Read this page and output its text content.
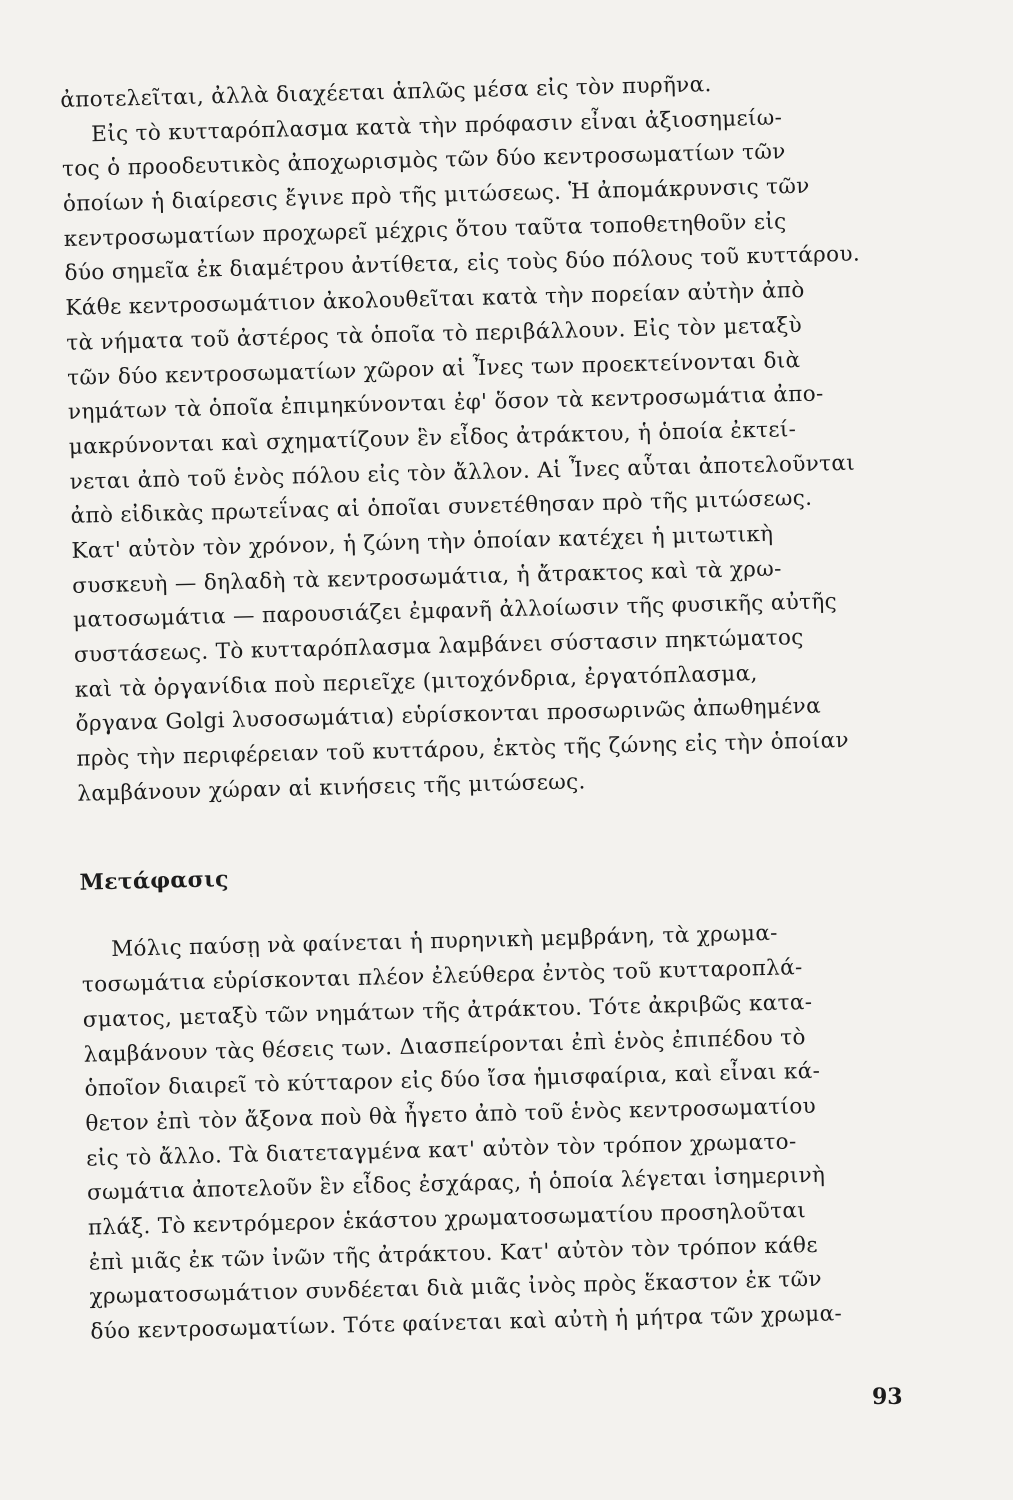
ἀποτελεῖται, ἀλλὰ διαχέεται ἁπλῶς μέσα εἰς τὸν πυρῆνα.
Εἰς τὸ κυτταρόπλασμα κατὰ τὴν πρόφασιν εἶναι ἀξιοσημείω-
τος ὁ προοδευτικὸς ἀποχωρισμὸς τῶν δύο κεντροσωματίων τῶν
ὁποίων ἡ διαίρεσις ἔγινε πρὸ τῆς μιτώσεως. Ἡ ἀπομάκρυνσις τῶν
κεντροσωματίων προχωρεῖ μέχρις ὅτου ταῦτα τοποθετηθοῦν εἰς
δύο σημεῖα ἐκ διαμέτρου ἀντίθετα, εἰς τοὺς δύο πόλους τοῦ κυττάρου.
Κάθε κεντροσωμάτιον ἀκολουθεῖται κατὰ τὴν πορείαν αὐτὴν ἀπὸ
τὰ νήματα τοῦ ἀστέρος τὰ ὁποῖα τὸ περιβάλλουν. Εἰς τὸν μεταξὺ
τῶν δύο κεντροσωματίων χῶρον αἱ Ἶνες των προεκτείνονται διὰ
νημάτων τὰ ὁποῖα ἐπιμηκύνονται ἐφ' ὅσον τὰ κεντροσωμάτια ἀπο-
μακρύνονται καὶ σχηματίζουν ἓν εἶδος ἀτράκτου, ἡ ὁποία ἐκτεί-
νεται ἀπὸ τοῦ ἑνὸς πόλου εἰς τὸν ἄλλον. Αἱ Ἶνες αὗται ἀποτελοῦνται
ἀπὸ εἰδικὰς πρωτεΐνας αἱ ὁποῖαι συνετέθησαν πρὸ τῆς μιτώσεως.
Κατ' αὐτὸν τὸν χρόνον, ἡ ζώνη τὴν ὁποίαν κατέχει ἡ μιτωτικὴ
συσκευὴ — δηλαδὴ τὰ κεντροσωμάτια, ἡ ἄτρακτος καὶ τὰ χρω-
ματοσωμάτια — παρουσιάζει ἐμφανῆ ἀλλοίωσιν τῆς φυσικῆς αὐτῆς
συστάσεως. Τὸ κυτταρόπλασμα λαμβάνει σύστασιν πηκτώματος
καὶ τὰ ὀργανίδια ποὺ περιεῖχε (μιτοχόνδρια, ἐργατόπλασμα,
ὄργανα Golgi λυσοσωμάτια) εὑρίσκονται προσωρινῶς ἀπωθημένα
πρὸς τὴν περιφέρειαν τοῦ κυττάρου, ἐκτὸς τῆς ζώνης εἰς τὴν ὁποίαν
λαμβάνουν χώραν αἱ κινήσεις τῆς μιτώσεως.
Μετάφασις
Μόλις παύσῃ νὰ φαίνεται ἡ πυρηνικὴ μεμβράνη, τὰ χρωμα-
τοσωμάτια εὑρίσκονται πλέον ἐλεύθερα ἐντὸς τοῦ κυτταροπλά-
σματος, μεταξὺ τῶν νημάτων τῆς ἀτράκτου. Τότε ἀκριβῶς κατα-
λαμβάνουν τὰς θέσεις των. Διασπείρονται ἐπὶ ἑνὸς ἐπιπέδου τὸ
ὁποῖον διαιρεῖ τὸ κύτταρον εἰς δύο ἴσα ἡμισφαίρια, καὶ εἶναι κά-
θετον ἐπὶ τὸν ἄξονα ποὺ θὰ ἦγετο ἀπὸ τοῦ ἑνὸς κεντροσωματίου
εἰς τὸ ἄλλο. Τὰ διατεταγμένα κατ' αὐτὸν τὸν τρόπον χρωματο-
σωμάτια ἀποτελοῦν ἓν εἶδος ἐσχάρας, ἡ ὁποία λέγεται ἰσημερινὴ
πλάξ. Τὸ κεντρόμερον ἑκάστου χρωματοσωματίου προσηλοῦται
ἐπὶ μιᾶς ἐκ τῶν ἰνῶν τῆς ἀτράκτου. Κατ' αὐτὸν τὸν τρόπον κάθε
χρωματοσωμάτιον συνδέεται διὰ μιᾶς ἰνὸς πρὸς ἕκαστον ἐκ τῶν
δύο κεντροσωματίων. Τότε φαίνεται καὶ αὐτὴ ἡ μήτρα τῶν χρωμα-
93
